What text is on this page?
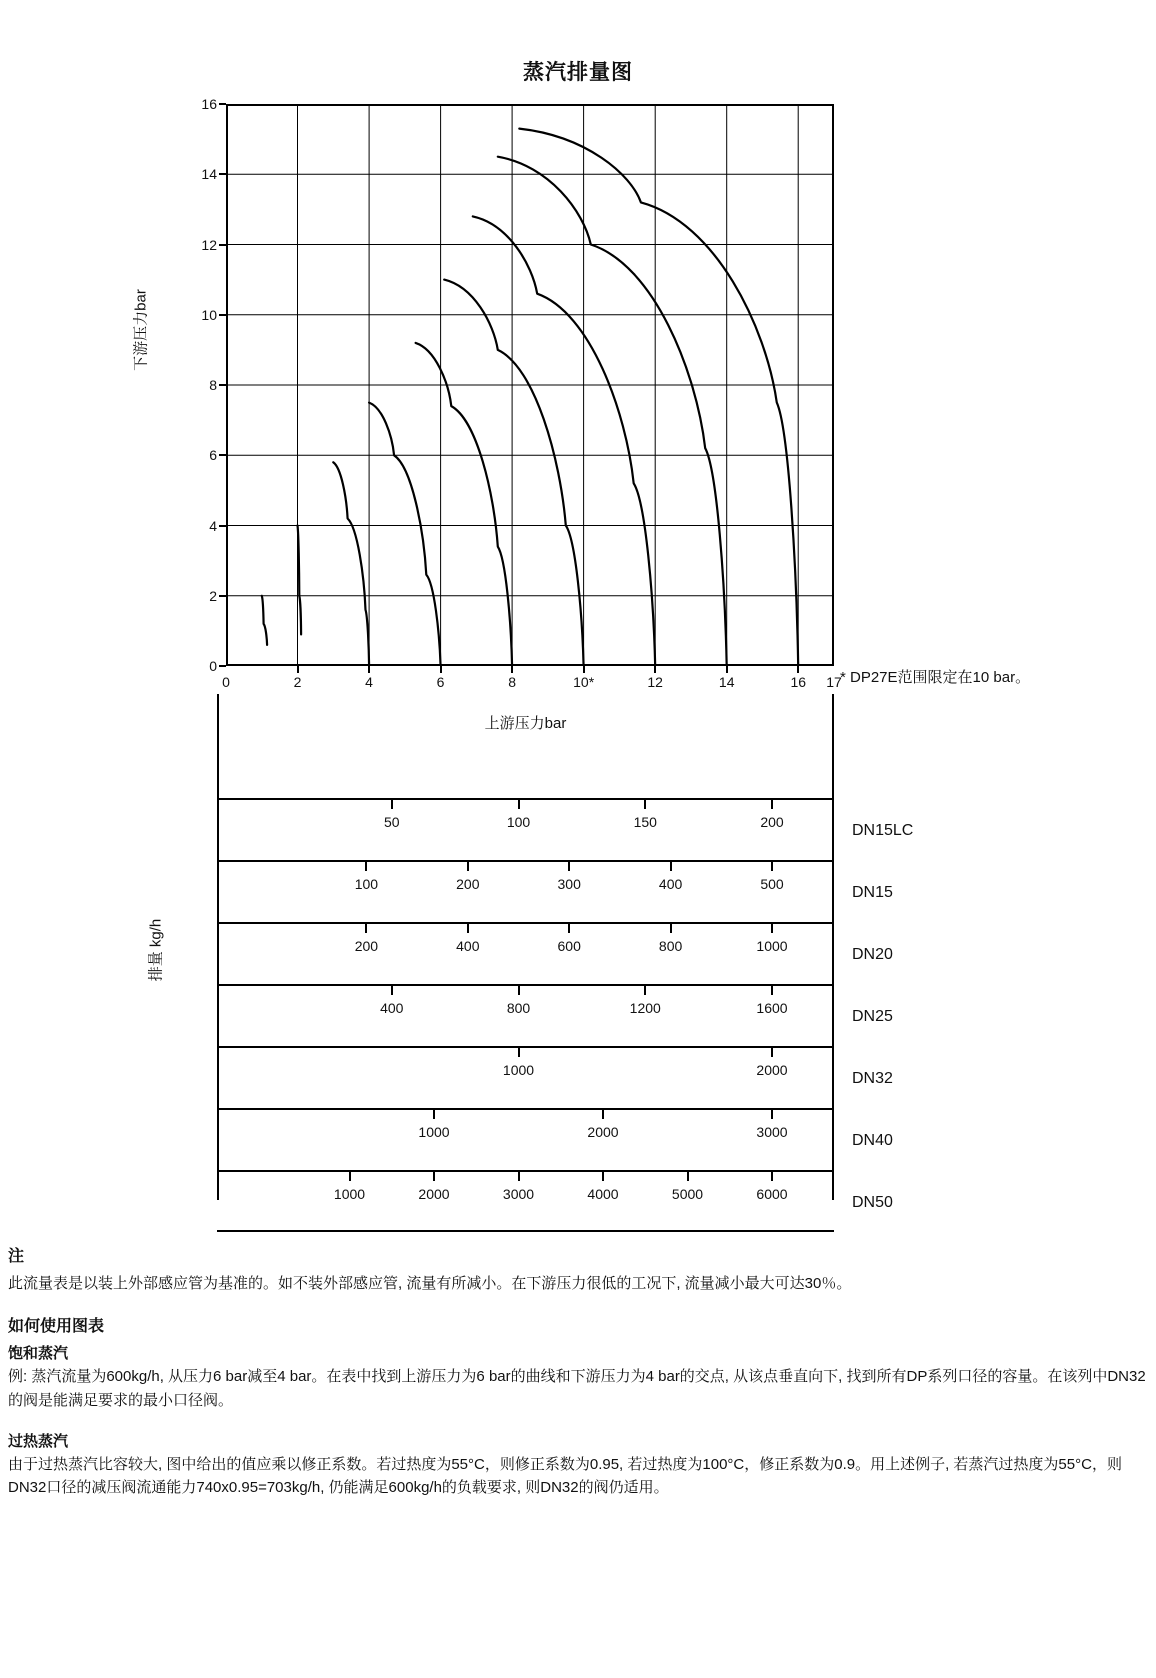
蒸汽排量图
0
2
4
6
8
10
12
14
16
0	2	4	6	8	10*	12	14	16 17
下游压力bar
* DP27E范围限定在10 bar。
上游压力bar
50	100	150	200	DN15LC
100	200	300	400	500	DN15
200	400	600	800	1000	DN20
400	800	1200	1600	DN25
1000	2000	DN32
1000	2000	3000	DN40
1000	2000	3000	4000	5000	6000	DN50
排量 kg/h
注

此流量表是以装上外部感应管为基准的。如不装外部感应管, 流量有所减小。在下游压力很低的工况下, 流量减小最大可达30％。

如何使用图表
饱和蒸汽

例: 蒸汽流量为600kg/h, 从压力6 bar减至4 bar。在表中找到上游压力为6 bar的曲线和下游压力为4 bar的交点, 从该点垂直向下, 找到所有DP系列口径的容量。在该列中DN32的阀是能满足要求的最小口径阀。

过热蒸汽

由于过热蒸汽比容较大, 图中给出的值应乘以修正系数。若过热度为55°C，则修正系数为0.95, 若过热度为100°C，修正系数为0.9。用上述例子, 若蒸汽过热度为55°C，则DN32口径的减压阀流通能力740x0.95=703kg/h, 仍能满足600kg/h的负载要求, 则DN32的阀仍适用。
